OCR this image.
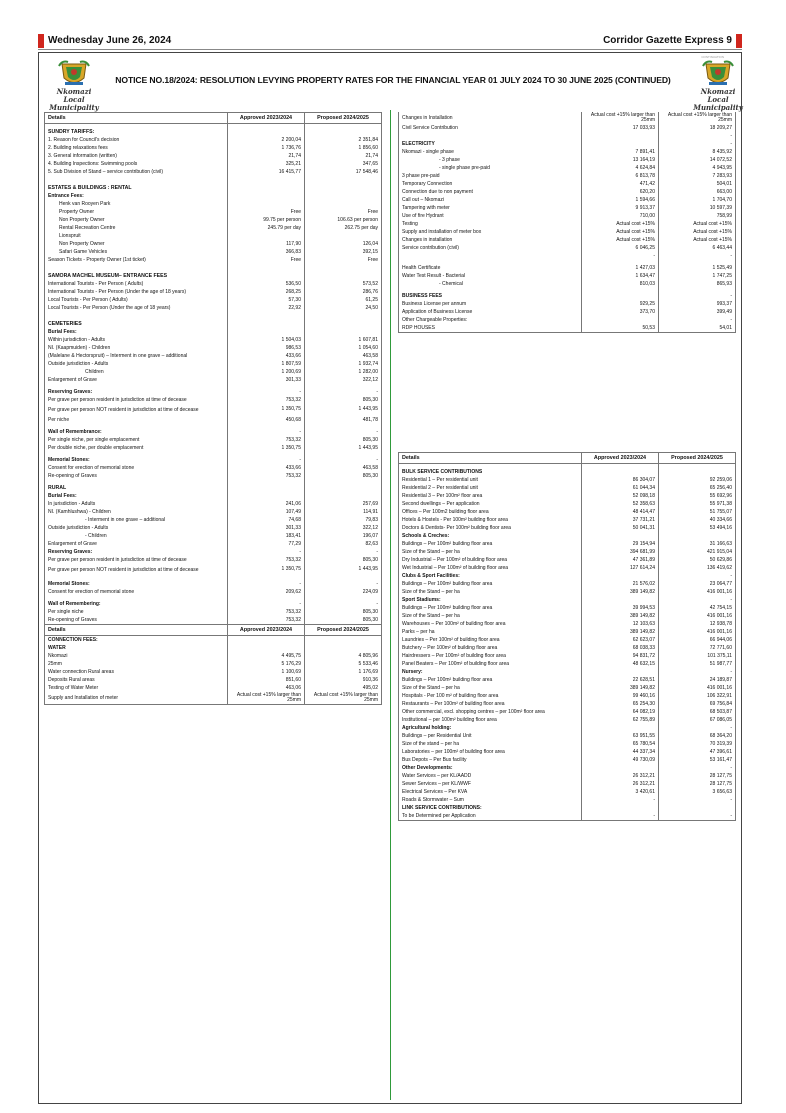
Wednesday June 26, 2024	Corridor Gazette Express 9
CONTINUATION
Nkomazi
Local Municipality
Nkomazi
Local Municipality
NOTICE NO.18/2024: RESOLUTION LEVYING PROPERTY RATES FOR THE FINANCIAL YEAR 01 JULY 2024 TO 30 JUNE 2025 (CONTINUED)
Details	Approved 2023/2024	Proposed 2024/2025

SUNDRY TARIFFS:		
1. Reason for Council's decision	2 200,04	2 351,84
2. Building relaxations fees	1 736,76	1 856,60
3. General information (written)	21,74	21,74
4. Building Inspections: Swimming pools	325,21	347,65
5. Sub Division of Stand – service contribution (civil)	16 415,77	17 548,46

ESTATES & BUILDINGS : RENTAL		
Entrance Fees:		
Henk van Rooyen Park		
Property Owner	Free	Free
Non Property Owner	99.75 per person	106.63 per person
Rental Recreation Centre	245.79 per day	262.75 per day
Lionspruit		
Non Property Owner	117,90	126,04
Safari Game Vehicles	366,83	392,15
Season Tickets - Property Owner (1st ticket)	Free	Free

SAMORA MACHEL MUSEUM– ENTRANCE FEES		
International Tourists - Per Person ( Adults)	536,50	573,52
International Tourists - Per Person (Under the age of 18 years)	268,25	286,76
Local Tourists - Per Person ( Adults)	57,30	61,25
Local Tourists - Per Person (Under the age of 18 years)	22,92	24,50

CEMETERIES		
Burial Fees:		
Within jurisdiction - Adults	1 504,03	1 607,81
NI. (Kaapmuiden) - Children	986,53	1 054,60
(Malelane & Hectorspruit) – Interment in one grave – additional	433,66	463,58
Outside jurisdiction - Adults	1 807,59	1 932,74
Children	1 200,69	1 282,00
Enlargement of Grave	301,33	322,12

Reserving Graves:	-	-
Per grave per person resident in jurisdiction at time of decease	753,32	805,30
Per grave per person NOT resident in jurisdiction at time of decease	1 350,75	1 443,95
Per niche	450,68	481,78

Wall of Remembrance:	-	-
Per single niche, per single emplacement	753,32	805,30
Per double niche, per double emplacement	1 350,75	1 443,95

Memorial Stones:	-	-
Consent for erection of memorial stone	433,66	463,58
Re-opening of Graves	753,32	805,30

RURAL		
Burial Fees:		
In jurisdiction - Adults	241,06	257,69
NI. (Kamhlushwa) - Children	107,49	114,91
- Interment in one grave – additional	74,68	79,83
Outside jurisdiction - Adults	301,33	322,12
- Children	183,41	196,07
Enlargement of Grave	77,29	82,63
Reserving Graves:	-	-
Per grave per person resident in jurisdiction at time of decease	753,32	805,30
Per grave per person NOT resident in jurisdiction at time of decease	1 350,75	1 443,95

Memorial Stones:	-	-
Consent for erection of memorial stone	209,62	224,09

Wall of Remembering:	-	-
Per single niche	753,32	805,30
Re-opening of Graves	753,32	805,30
Details	Approved 2023/2024	Proposed 2024/2025
CONNECTION FEES:		
WATER		
Nkomazi	4 495,75	4 805,96
25mm	5 176,29	5 533,46
Water connection Rural areas	1 100,69	1 176,69
Deposits Rural areas	851,60	910,36
Testing of Water Meter	463,06	495,02
Supply and Installation of meter	Actual cost +15% larger than 25mm	Actual cost +15% larger than 25mm
Changes in Installation	Actual cost +15% larger than 25mm	Actual cost +15% larger than 25mm
Civil Service Contribution	17 033,93	18 209,27
		-
ELECTRICITY		-
Nkomazi - single phase	7 891,41	8 435,92
- 3 phase	13 164,19	14 072,52
- single phase pre-paid	4 624,84	4 943,95
3 phase pre-paid	6 813,78	7 283,93
Temporary Connection	471,42	504,01
Connection due to non payment	620,20	663,00
Call out – Nkomazi	1 594,66	1 704,70
Tampering with meter	9 913,37	10 597,39
Use of fire Hydrant	710,00	758,99
Testing	Actual cost +15%	Actual cost +15%
Supply and installation of meter box	Actual cost +15%	Actual cost +15%
Changes in installation	Actual cost +15%	Actual cost +15%
Service contribution (civil)	6 046,25	6 463,44
	-	-

Health Certificate	1 427,03	1 525,49
Water Test Result - Bacterial	1 634,47	1 747,25
- Chemical	810,03	865,93

BUSINESS FEES		-
Business License per annum	929,25	993,37
Application of Business License	373,70	399,49
Other Chargeable Properties:		-
RDP HOUSES	50,53	54,01
Details	Approved 2023/2024	Proposed 2024/2025

BULK SERVICE CONTRIBUTIONS		
Residential 1 – Per residential unit	86 304,07	92 259,06
Residential 2 – Per residential unit	61 044,34	65 256,40
Residential 3 – Per 100m² floor area	52 098,18	55 692,96
Second dwellings – Per application	52 358,63	55 971,38
Offices – Per 100m2 building floor area	48 414,47	51 755,07
Hotels & Hostels - Per 100m² building floor area	37 731,21	40 334,66
Doctors & Dentists- Per 100m² building floor area	50 041,31	53 494,16
Schools & Creches:		
Buildings – Per 100m² building floor area	29 154,94	31 166,63
Size of the Stand – per ha	394 681,99	421 915,04
Dry Industrial – Per 100m² of building floor area	47 361,89	50 629,86
Wet Industrial – Per 100m² of building floor area	127 614,24	136 419,62
Clubs & Sport Facilities:		-
Buildings – Per 100m² building floor area	21 576,02	23 064,77
Size of the Stand – per ha	389 149,82	416 001,16
Sport Stadiums:		-
Buildings – Per 100m² building floor area	39 994,53	42 754,15
Size of the Stand – per ha	389 149,82	416 001,16
Warehouses – Per 100m² of building floor area	12 103,63	12 938,78
Parks – per ha	389 149,82	416 001,16
Laundries – Per 100m² of building floor area	62 623,07	66 944,06
Butchery – Per 100m² of building floor area	68 038,33	72 771,60
Hairdressers – Per 100m² of building floor area	94 831,72	101 375,11
Panel Beaters – Per 100m² of building floor area	48 632,15	51 987,77
Nursery:		-
Buildings – Per 100m² building floor area	22 628,51	24 189,87
Size of the Stand – per ha	389 149,82	416 001,16
Hospitals - Per 100 m² of building floor area	99 460,16	106 322,91
Restaurants – Per 100m² of building floor area	65 254,30	69 756,84
Other commercial, excl. shopping centres – per 100m² floor area	64 082,19	68 503,87
Institutional – per 100m² building floor area	62 755,89	67 086,05
Agricultural holding:		-
Buildings – per Residential Unit	63 951,55	68 364,20
Size of the stand – per ha	65 780,54	70 319,39
Laboratories – per 100m² of building floor area	44 337,34	47 396,61
Bus Depots – Per Bus facility	49 730,09	53 161,47
Other Developments:		-
Water Services – per KL/AADD	26 312,21	28 127,75
Sewer Services – per KL/WWF	26 312,21	28 127,75
Electrical Services – Per KVA	3 420,61	3 656,63
Roads & Stormwater – Sum	-	-
LINK SERVICE CONTRIBUTIONS:		
To be Determined per Application	-	-
